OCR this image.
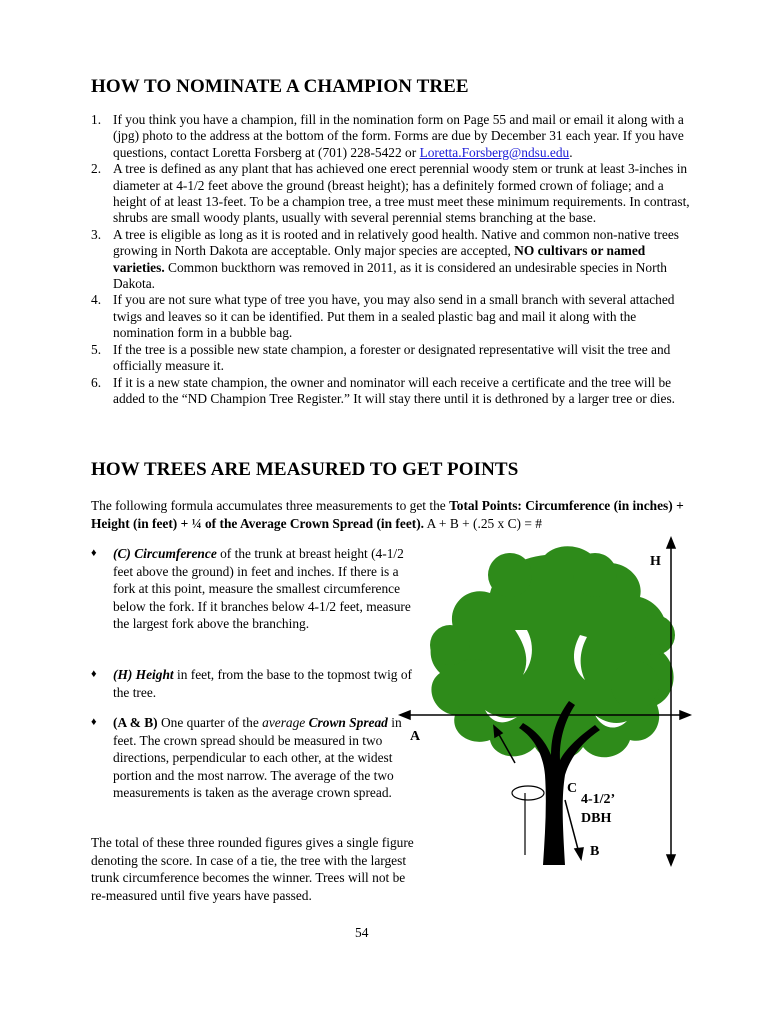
HOW TO NOMINATE A CHAMPION TREE
1. If you think you have a champion, fill in the nomination form on Page 55 and mail or email it along with a (jpg) photo to the address at the bottom of the form. Forms are due by December 31 each year. If you have questions, contact Loretta Forsberg at (701) 228-5422 or Loretta.Forsberg@ndsu.edu.
2. A tree is defined as any plant that has achieved one erect perennial woody stem or trunk at least 3-inches in diameter at 4-1/2 feet above the ground (breast height); has a definitely formed crown of foliage; and a height of at least 13-feet. To be a champion tree, a tree must meet these minimum requirements. In contrast, shrubs are small woody plants, usually with several perennial stems branching at the base.
3. A tree is eligible as long as it is rooted and in relatively good health. Native and common non-native trees growing in North Dakota are acceptable. Only major species are accepted, NO cultivars or named varieties. Common buckthorn was removed in 2011, as it is considered an undesirable species in North Dakota.
4. If you are not sure what type of tree you have, you may also send in a small branch with several attached twigs and leaves so it can be identified. Put them in a sealed plastic bag and mail it along with the nomination form in a bubble bag.
5. If the tree is a possible new state champion, a forester or designated representative will visit the tree and officially measure it.
6. If it is a new state champion, the owner and nominator will each receive a certificate and the tree will be added to the “ND Champion Tree Register.” It will stay there until it is dethroned by a larger tree or dies.
HOW TREES ARE MEASURED TO GET POINTS
The following formula accumulates three measurements to get the Total Points: Circumference (in inches) + Height (in feet) + ¼ of the Average Crown Spread (in feet). A + B + (.25 x C) = #
♦ (C) Circumference of the trunk at breast height (4-1/2 feet above the ground) in feet and inches. If there is a fork at this point, measure the smallest circumference below the fork. If it branches below 4-1/2 feet, measure the largest fork above the branching.
♦ (H) Height in feet, from the base to the topmost twig of the tree.
♦ (A & B) One quarter of the average Crown Spread in feet. The crown spread should be measured in two directions, perpendicular to each other, at the widest portion and the most narrow. The average of the two measurements is taken as the average crown spread.
The total of these three rounded figures gives a single figure denoting the score. In case of a tie, the tree with the largest trunk circumference becomes the winner. Trees will not be re-measured until five years have passed.
H
A
C
4-1/2’
DBH
B
54
